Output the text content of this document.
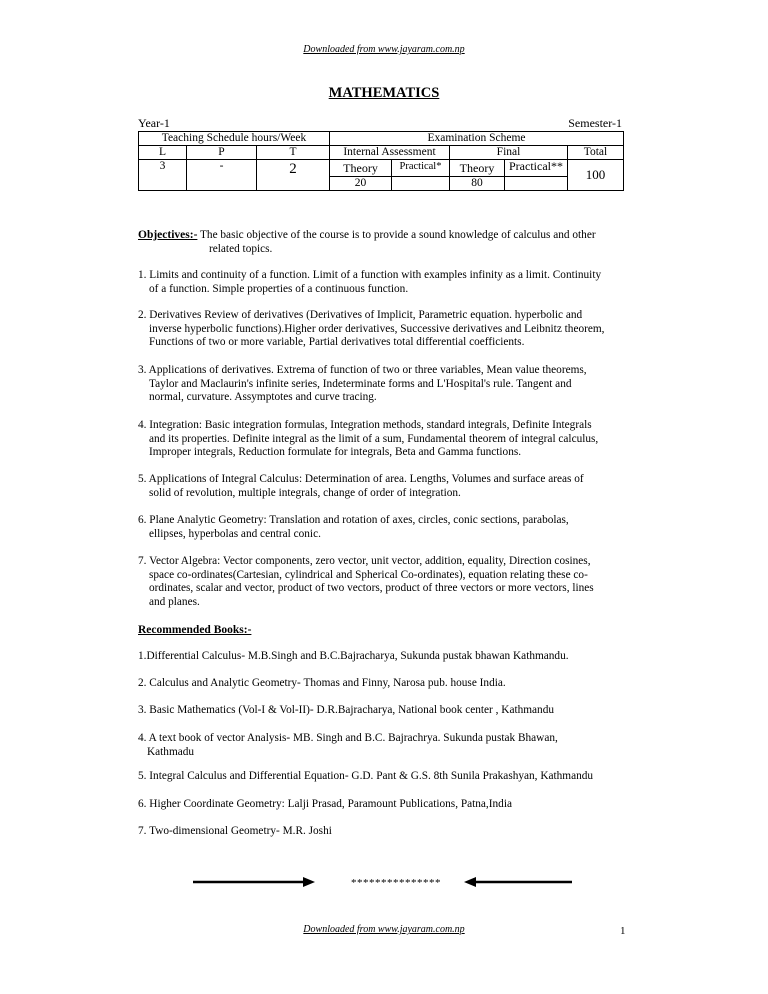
Downloaded from www.jayaram.com.np
MATHEMATICS
Year-1	Semester-1
Teaching Schedule hours/Week			Examination Scheme				
L	P	T	Internal Assessment		Final		Total
3	-	2	Theory	Practical*	Theory	Practical**	100
			20		80		
Objectives:- The basic objective of the course is to provide a sound knowledge of calculus and other
related topics.
1. Limits and continuity of a function. Limit of a function with examples infinity as a limit. Continuity
of a function. Simple properties of a continuous function.
2. Derivatives Review of derivatives (Derivatives of Implicit, Parametric equation. hyperbolic and
inverse hyperbolic functions).Higher order derivatives, Successive derivatives and Leibnitz theorem,
Functions of two or more variable, Partial derivatives total differential coefficients.
3. Applications of derivatives. Extrema of function of two or three variables, Mean value theorems,
Taylor and Maclaurin's infinite series, Indeterminate forms and L'Hospital's rule. Tangent and
normal, curvature. Assymptotes and curve tracing.
4. Integration: Basic integration formulas, Integration methods, standard integrals, Definite Integrals
and its properties. Definite integral as the limit of a sum, Fundamental theorem of integral calculus,
Improper integrals, Reduction formulate for integrals, Beta and Gamma functions.
5. Applications of Integral Calculus: Determination of area. Lengths, Volumes and surface areas of
solid of revolution, multiple integrals, change of order of integration.
6. Plane Analytic Geometry: Translation and rotation of axes, circles, conic sections, parabolas,
ellipses, hyperbolas and central conic.
7. Vector Algebra: Vector components, zero vector, unit vector, addition, equality, Direction cosines,
space co-ordinates(Cartesian, cylindrical and Spherical Co-ordinates), equation relating these co-
ordinates, scalar and vector, product of two vectors, product of three vectors or more vectors, lines
and planes.
Recommended Books:-
1.Differential Calculus- M.B.Singh and B.C.Bajracharya, Sukunda pustak bhawan Kathmandu.
2. Calculus and Analytic Geometry- Thomas and Finny, Narosa pub. house India.
3. Basic Mathematics (Vol-I & Vol-II)- D.R.Bajracharya, National book center , Kathmandu
4. A text book of vector Analysis- MB. Singh and B.C. Bajrachrya. Sukunda pustak Bhawan,
Kathmadu
5. Integral Calculus and Differential Equation- G.D. Pant & G.S. 8th Sunila Prakashyan, Kathmandu
6. Higher Coordinate Geometry: Lalji Prasad, Paramount Publications, Patna,India
7. Two-dimensional Geometry- M.R. Joshi
***************
Downloaded from www.jayaram.com.np	1
